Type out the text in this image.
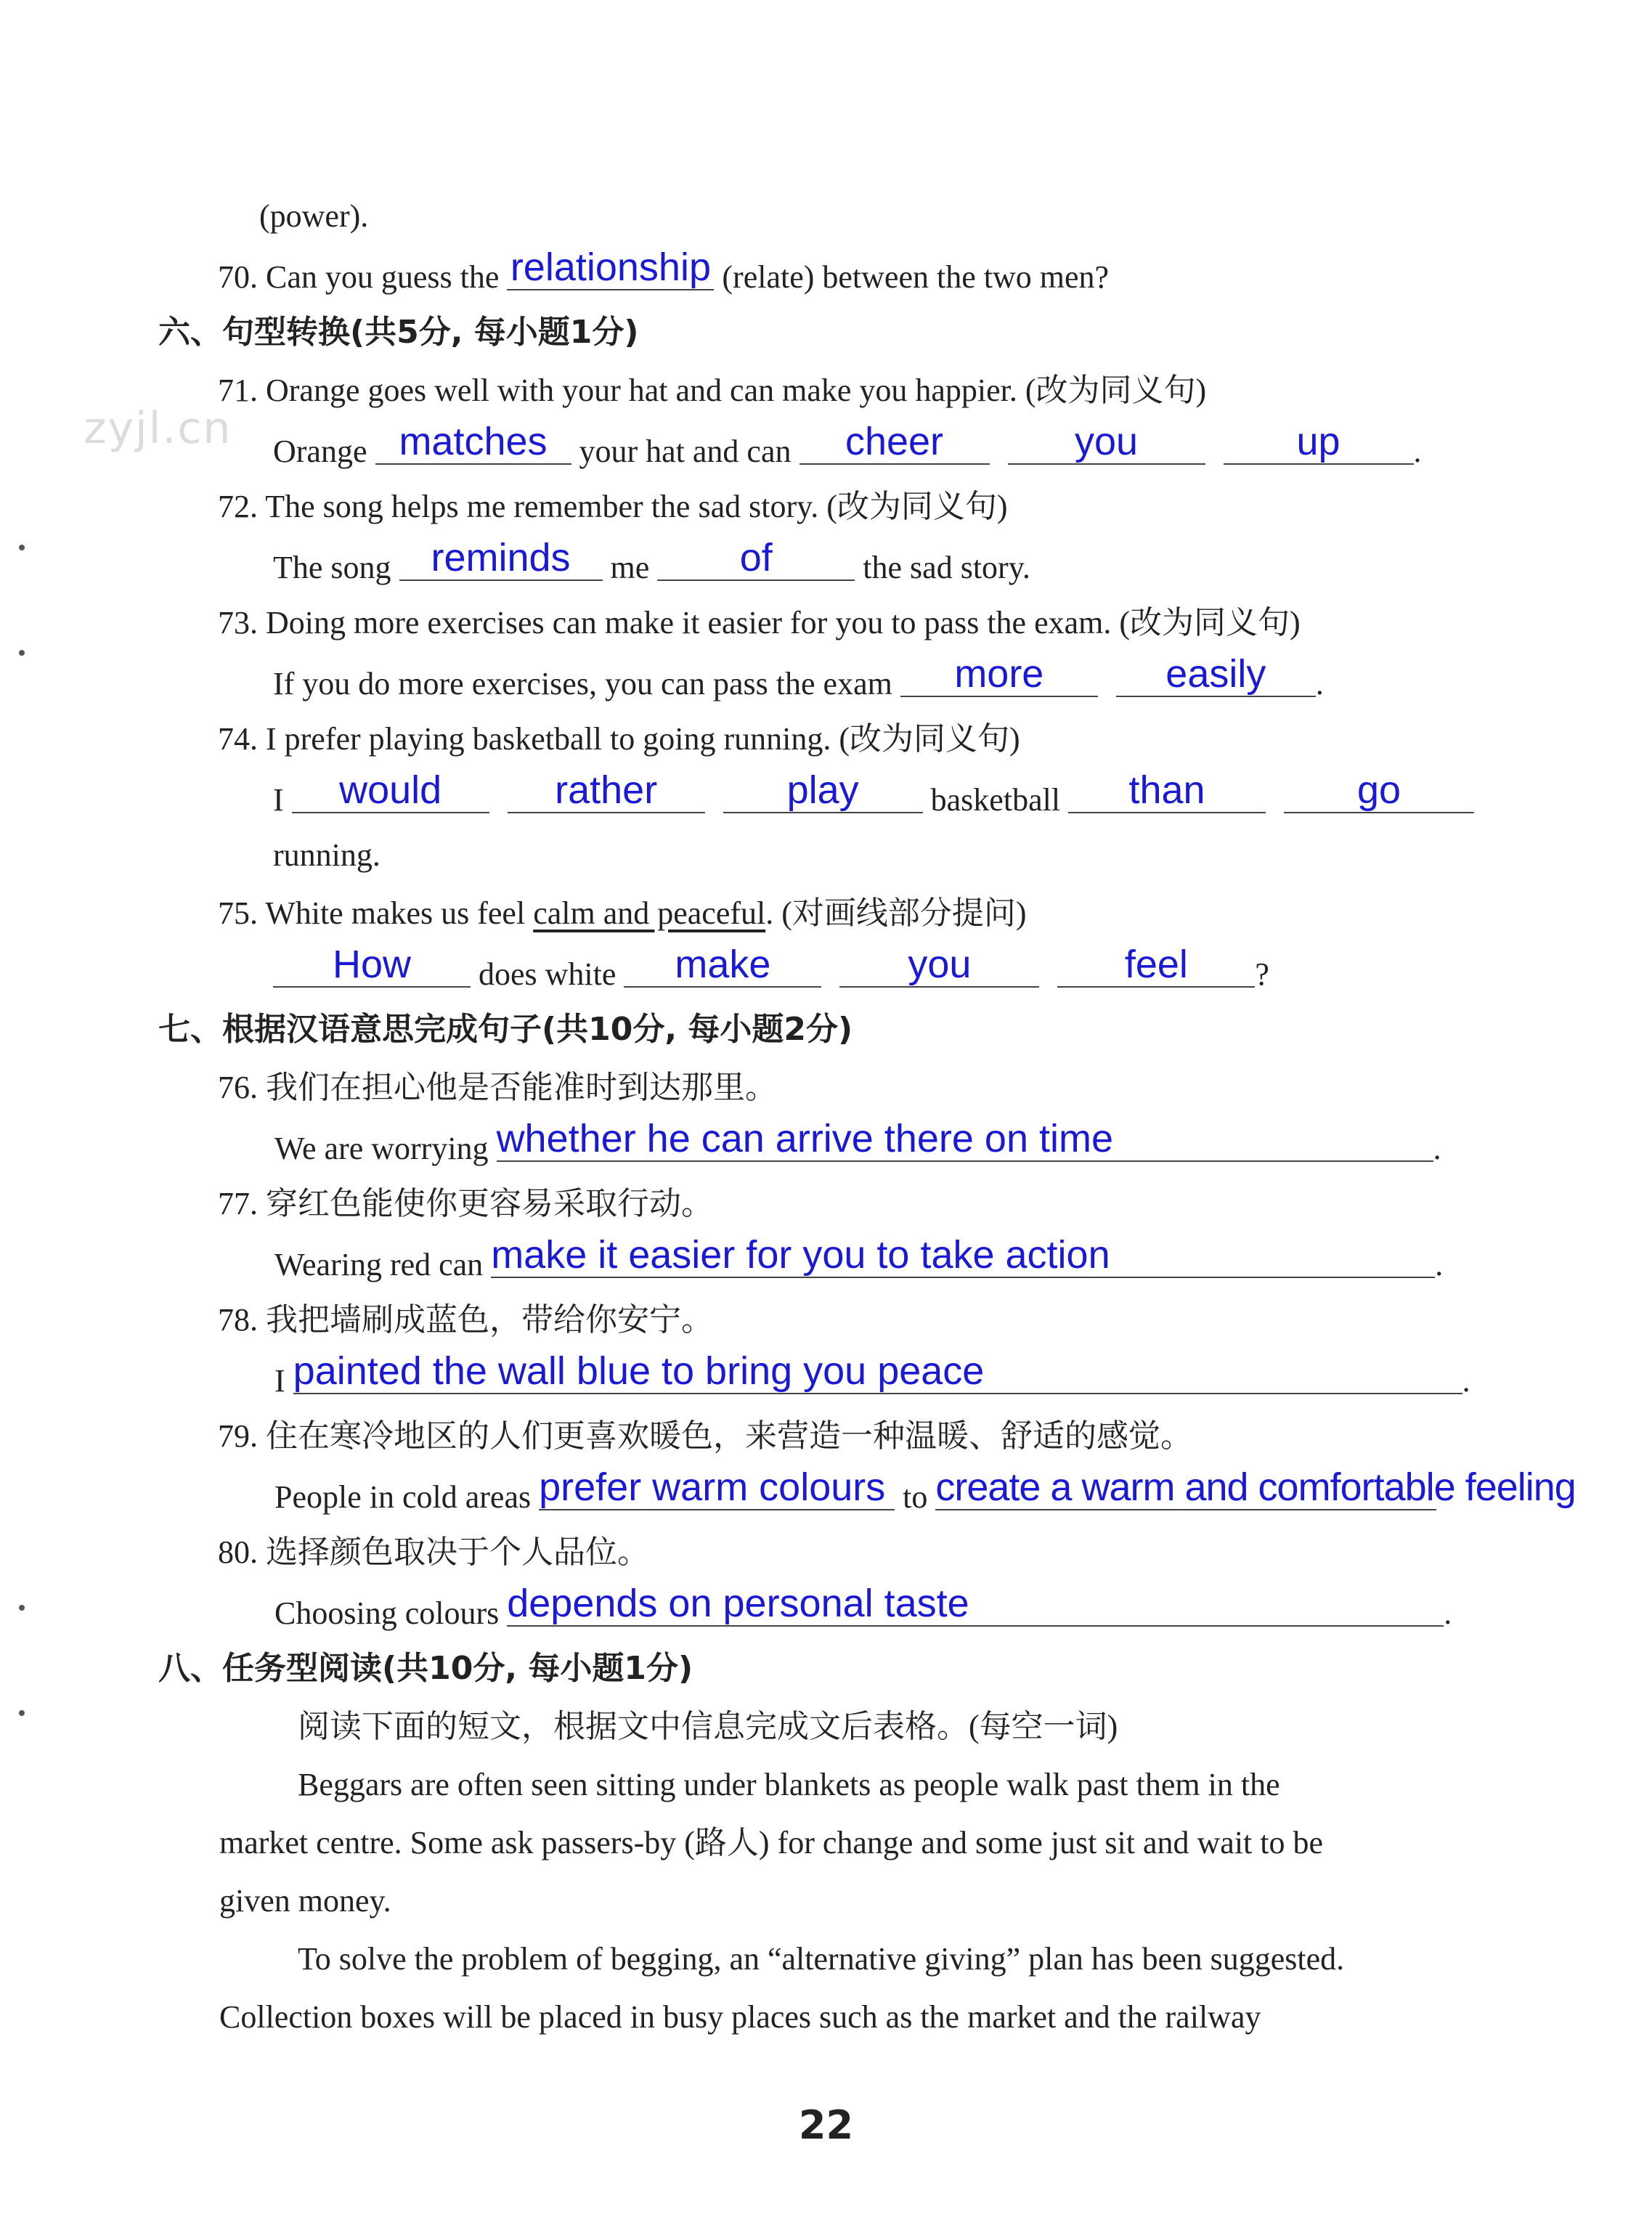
zyjl.cn
(power).
70. Can you guess the relationship (relate) between the two men?
六、句型转换(共5分, 每小题1分)
71. Orange goes well with your hat and can make you happier. (改为同义句)
Orange matches your hat and can cheer	you	up .
72. The song helps me remember the sad story. (改为同义句)
The song reminds me of	the sad story.
73. Doing more exercises can make it easier for you to pass the exam. (改为同义句)
If you do more exercises, you can pass the exam more	easily .
74. I prefer playing basketball to going running. (改为同义句)
I would	rather	play basketball than	go
running.
75. White makes us feel calm and peaceful. (对画线部分提问)
How does white make	you	feel ?
七、根据汉语意思完成句子(共10分, 每小题2分)
76. 我们在担心他是否能准时到达那里。
We are worrying whether he can arrive there on time	.
77. 穿红色能使你更容易采取行动。
Wearing red can make it easier for you to take action	.
78. 我把墙刷成蓝色，带给你安宁。
I painted the wall blue to bring you peace	.
79. 住在寒冷地区的人们更喜欢暖色，来营造一种温暖、舒适的感觉。
People in cold areas prefer warm colours to create a warm and comfortable feeling
80. 选择颜色取决于个人品位。
Choosing colours depends on personal taste	.
八、任务型阅读(共10分, 每小题1分)
阅读下面的短文，根据文中信息完成文后表格。(每空一词)
Beggars are often seen sitting under blankets as people walk past them in the
market centre. Some ask passers-by (路人) for change and some just sit and wait to be
given money.
To solve the problem of begging, an “alternative giving” plan has been suggested.
Collection boxes will be placed in busy places such as the market and the railway
22
